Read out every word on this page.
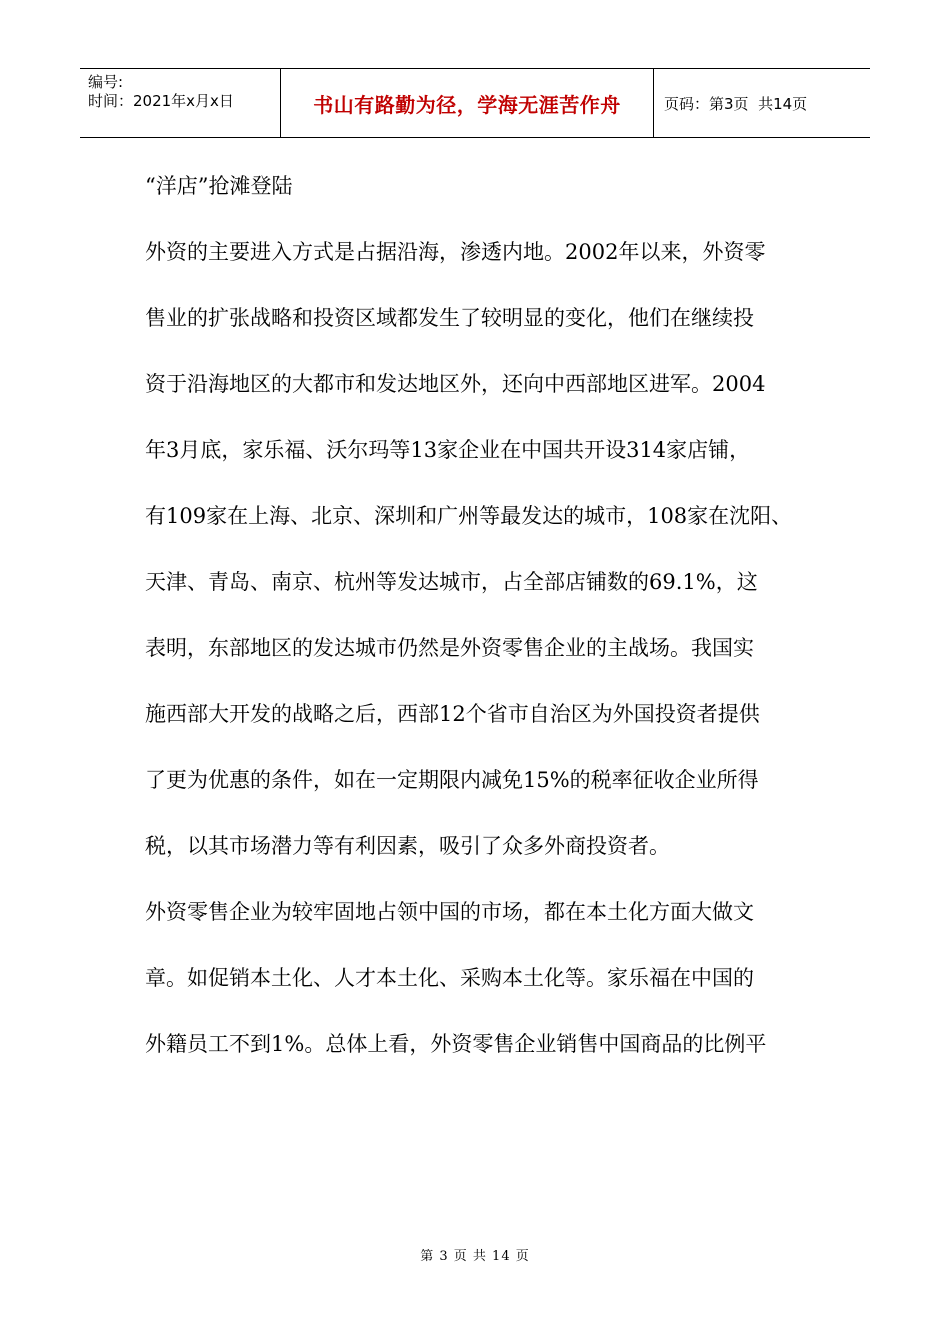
编号:
时间：2021年x月x日	书山有路勤为径，学海无涯苦作舟	页码：第3页  共14页
“洋店”抢滩登陆
外资的主要进入方式是占据沿海，渗透内地。2002年以来，外资零
售业的扩张战略和投资区域都发生了较明显的变化，他们在继续投
资于沿海地区的大都市和发达地区外，还向中西部地区进军。2004
年3月底，家乐福、沃尔玛等13家企业在中国共开设314家店铺，
有109家在上海、北京、深圳和广州等最发达的城市，108家在沈阳、
天津、青岛、南京、杭州等发达城市，占全部店铺数的69.1%，这
表明，东部地区的发达城市仍然是外资零售企业的主战场。我国实
施西部大开发的战略之后，西部12个省市自治区为外国投资者提供
了更为优惠的条件，如在一定期限内减免15%的税率征收企业所得
税，以其市场潜力等有利因素，吸引了众多外商投资者。
外资零售企业为较牢固地占领中国的市场，都在本土化方面大做文
章。如促销本土化、人才本土化、采购本土化等。家乐福在中国的
外籍员工不到1%。总体上看，外资零售企业销售中国商品的比例平
第 3 页 共 14 页
